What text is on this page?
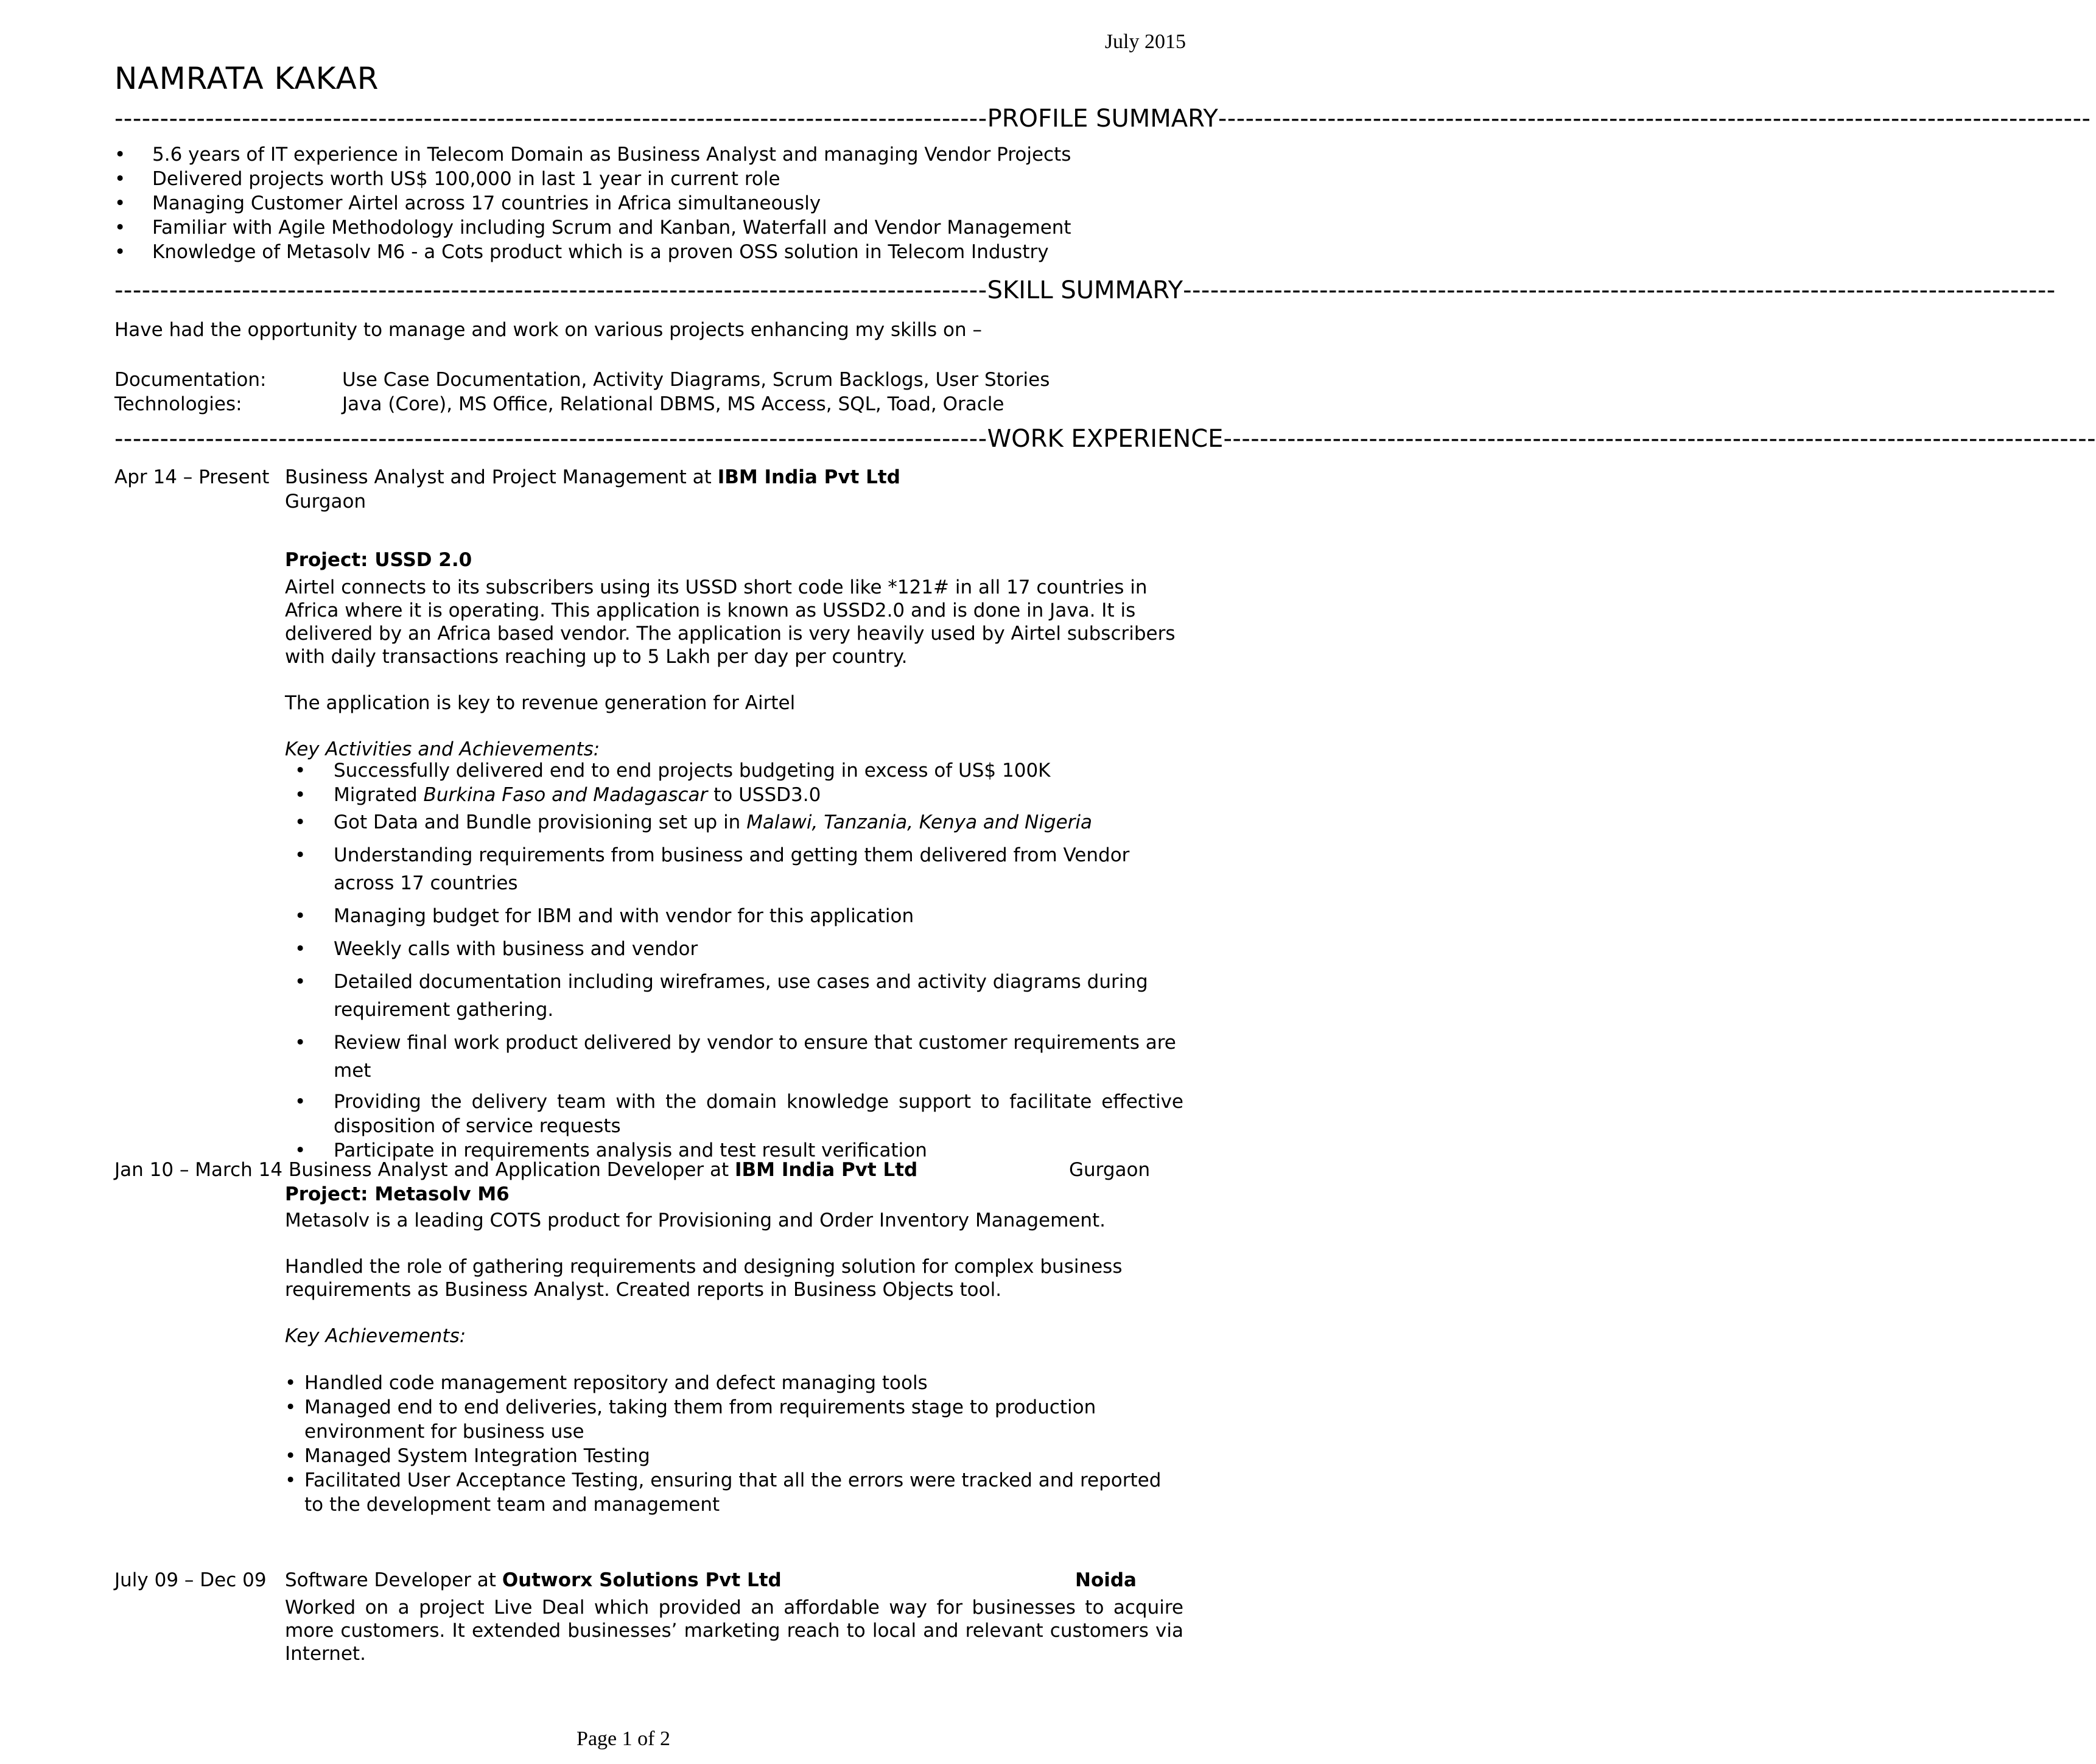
July 2015
NAMRATA KAKAR
------------------------------------------------------------------------------------------------ PROFILE SUMMARY ------------------------------------------------------------------------------------------------
• 5.6 years of IT experience in Telecom Domain as Business Analyst and managing Vendor Projects
• Delivered projects worth US$ 100,000 in last 1 year in current role
• Managing Customer Airtel across 17 countries in Africa simultaneously
• Familiar with Agile Methodology including Scrum and Kanban, Waterfall and Vendor Management
• Knowledge of Metasolv M6 - a Cots product which is a proven OSS solution in Telecom Industry
------------------------------------------------------------------------------------------------ SKILL SUMMARY ------------------------------------------------------------------------------------------------
Have had the opportunity to manage and work on various projects enhancing my skills on –
Documentation:	Use Case Documentation, Activity Diagrams, Scrum Backlogs, User Stories
Technologies:	Java (Core), MS Office, Relational DBMS, MS Access, SQL, Toad, Oracle
------------------------------------------------------------------------------------------------ WORK EXPERIENCE ------------------------------------------------------------------------------------------------
Apr 14 – Present Business Analyst and Project Management at IBM India Pvt Ltd
Gurgaon
Project: USSD 2.0
Airtel connects to its subscribers using its USSD short code like *121# in all 17 countries in Africa where it is operating. This application is known as USSD2.0 and is done in Java. It is delivered by an Africa based vendor. The application is very heavily used by Airtel subscribers with daily transactions reaching up to 5 Lakh per day per country.
The application is key to revenue generation for Airtel
Key Activities and Achievements:
• Successfully delivered end to end projects budgeting in excess of US$ 100K
• Migrated Burkina Faso and Madagascar to USSD3.0
• Got Data and Bundle provisioning set up in Malawi, Tanzania, Kenya and Nigeria
• Understanding requirements from business and getting them delivered from Vendor across 17 countries
• Managing budget for IBM and with vendor for this application
• Weekly calls with business and vendor
• Detailed documentation including wireframes, use cases and activity diagrams during requirement gathering.
• Review final work product delivered by vendor to ensure that customer requirements are met
• Providing the delivery team with the domain knowledge support to facilitate effective disposition of service requests
• Participate in requirements analysis and test result verification
Jan 10 – March 14 Business Analyst and Application Developer at IBM India Pvt Ltd	Gurgaon
Project: Metasolv M6
Metasolv is a leading COTS product for Provisioning and Order Inventory Management.
Handled the role of gathering requirements and designing solution for complex business requirements as Business Analyst. Created reports in Business Objects tool.
Key Achievements:
• Handled code management repository and defect managing tools
• Managed end to end deliveries, taking them from requirements stage to production environment for business use
• Managed System Integration Testing
• Facilitated User Acceptance Testing, ensuring that all the errors were tracked and reported to the development team and management
July 09 – Dec 09 Software Developer at Outworx Solutions Pvt Ltd	Noida
Worked on a project Live Deal which provided an affordable way for businesses to acquire more customers. It extended businesses’ marketing reach to local and relevant customers via Internet.
Page 1 of 2
